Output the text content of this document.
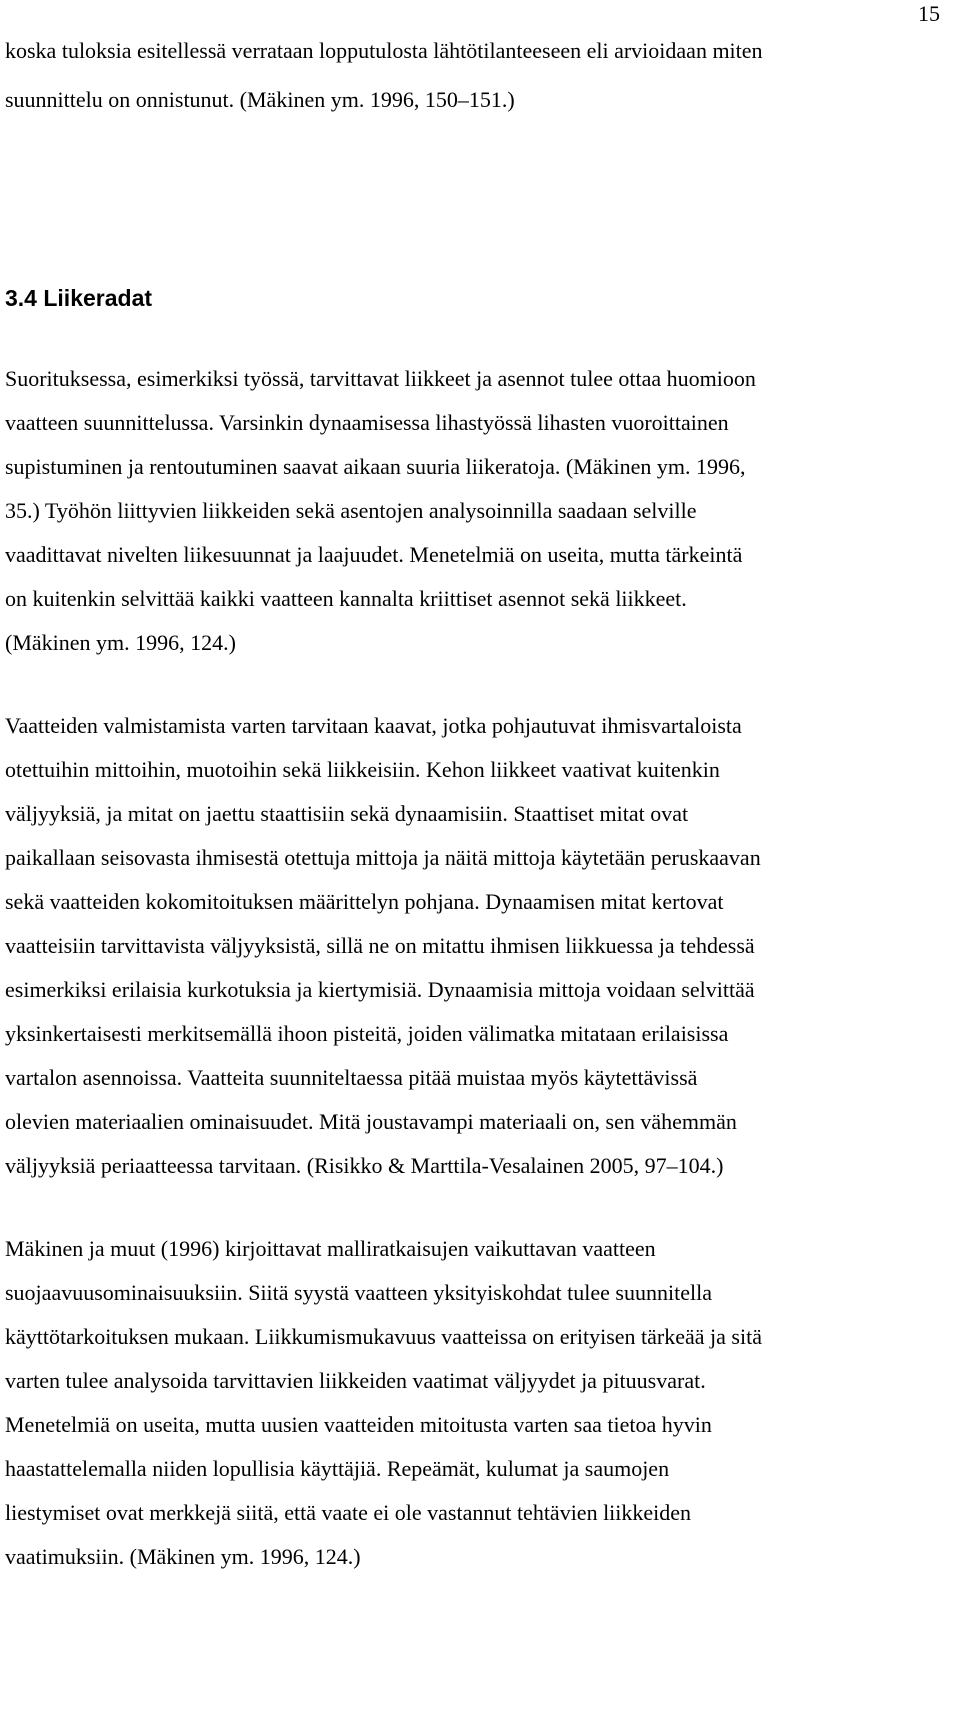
15
koska tuloksia esitellessä verrataan lopputulosta lähtötilanteeseen eli arvioidaan miten
suunnittelu on onnistunut. (Mäkinen ym. 1996, 150–151.)
3.4 Liikeradat
Suorituksessa, esimerkiksi työssä, tarvittavat liikkeet ja asennot tulee ottaa huomioon
vaatteen suunnittelussa. Varsinkin dynaamisessa lihastyössä lihasten vuoroittainen
supistuminen ja rentoutuminen saavat aikaan suuria liikeratoja. (Mäkinen ym. 1996,
35.) Työhön liittyvien liikkeiden sekä asentojen analysoinnilla saadaan selville
vaadittavat nivelten liikesuunnat ja laajuudet. Menetelmiä on useita, mutta tärkeintä
on kuitenkin selvittää kaikki vaatteen kannalta kriittiset asennot sekä liikkeet.
(Mäkinen ym. 1996, 124.)
Vaatteiden valmistamista varten tarvitaan kaavat, jotka pohjautuvat ihmisvartaloista
otettuihin mittoihin, muotoihin sekä liikkeisiin. Kehon liikkeet vaativat kuitenkin
väljyyksiä, ja mitat on jaettu staattisiin sekä dynaamisiin. Staattiset mitat ovat
paikallaan seisovasta ihmisestä otettuja mittoja ja näitä mittoja käytetään peruskaavan
sekä vaatteiden kokomitoituksen määrittelyn pohjana. Dynaamisen mitat kertovat
vaatteisiin tarvittavista väljyyksistä, sillä ne on mitattu ihmisen liikkuessa ja tehdessä
esimerkiksi erilaisia kurkotuksia ja kiertymisiä. Dynaamisia mittoja voidaan selvittää
yksinkertaisesti merkitsemällä ihoon pisteitä, joiden välimatka mitataan erilaisissa
vartalon asennoissa. Vaatteita suunniteltaessa pitää muistaa myös käytettävissä
olevien materiaalien ominaisuudet. Mitä joustavampi materiaali on, sen vähemmän
väljyyksiä periaatteessa tarvitaan. (Risikko & Marttila-Vesalainen 2005, 97–104.)
Mäkinen ja muut (1996) kirjoittavat malliratkaisujen vaikuttavan vaatteen
suojaavuusominaisuuksiin. Siitä syystä vaatteen yksityiskohdat tulee suunnitella
käyttötarkoituksen mukaan. Liikkumismukavuus vaatteissa on erityisen tärkeää ja sitä
varten tulee analysoida tarvittavien liikkeiden vaatimat väljyydet ja pituusvarat.
Menetelmiä on useita, mutta uusien vaatteiden mitoitusta varten saa tietoa hyvin
haastattelemalla niiden lopullisia käyttäjiä. Repeämät, kulumat ja saumojen
liestymiset ovat merkkejä siitä, että vaate ei ole vastannut tehtävien liikkeiden
vaatimuksiin. (Mäkinen ym. 1996, 124.)
